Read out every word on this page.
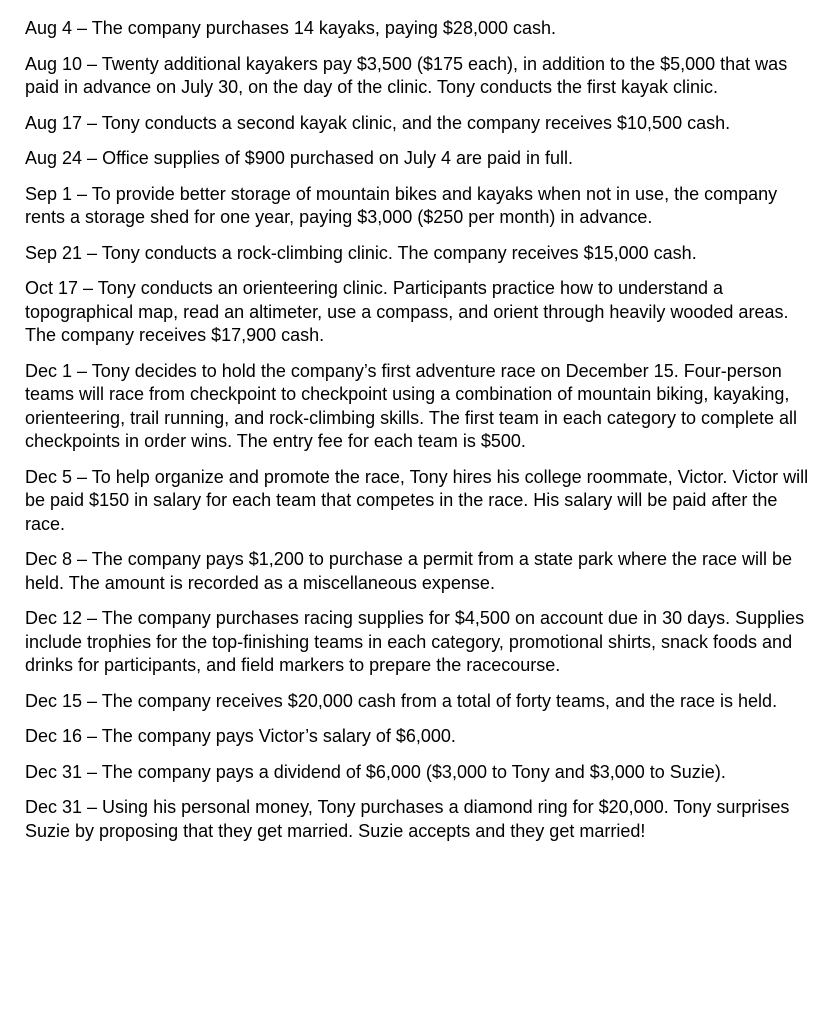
Aug 4 – The company purchases 14 kayaks, paying $28,000 cash.

Aug 10 – Twenty additional kayakers pay $3,500 ($175 each), in addition to the $5,000 that was paid in advance on July 30, on the day of the clinic. Tony conducts the first kayak clinic.

Aug 17 – Tony conducts a second kayak clinic, and the company receives $10,500 cash.

Aug 24 – Office supplies of $900 purchased on July 4 are paid in full.

Sep 1 – To provide better storage of mountain bikes and kayaks when not in use, the company rents a storage shed for one year, paying $3,000 ($250 per month) in advance.

Sep 21 – Tony conducts a rock-climbing clinic. The company receives $15,000 cash.

Oct 17 – Tony conducts an orienteering clinic. Participants practice how to understand a topographical map, read an altimeter, use a compass, and orient through heavily wooded areas. The company receives $17,900 cash.

Dec 1 – Tony decides to hold the company’s first adventure race on December 15. Four-person teams will race from checkpoint to checkpoint using a combination of mountain biking, kayaking, orienteering, trail running, and rock-climbing skills. The first team in each category to complete all checkpoints in order wins. The entry fee for each team is $500.

Dec 5 – To help organize and promote the race, Tony hires his college roommate, Victor. Victor will be paid $150 in salary for each team that competes in the race. His salary will be paid after the race.

Dec 8 – The company pays $1,200 to purchase a permit from a state park where the race will be held. The amount is recorded as a miscellaneous expense.

Dec 12 – The company purchases racing supplies for $4,500 on account due in 30 days. Supplies include trophies for the top-finishing teams in each category, promotional shirts, snack foods and drinks for participants, and field markers to prepare the racecourse.

Dec 15 – The company receives $20,000 cash from a total of forty teams, and the race is held.

Dec 16 – The company pays Victor’s salary of $6,000.

Dec 31 – The company pays a dividend of $6,000 ($3,000 to Tony and $3,000 to Suzie).

Dec 31 – Using his personal money, Tony purchases a diamond ring for $20,000. Tony surprises Suzie by proposing that they get married. Suzie accepts and they get married!
